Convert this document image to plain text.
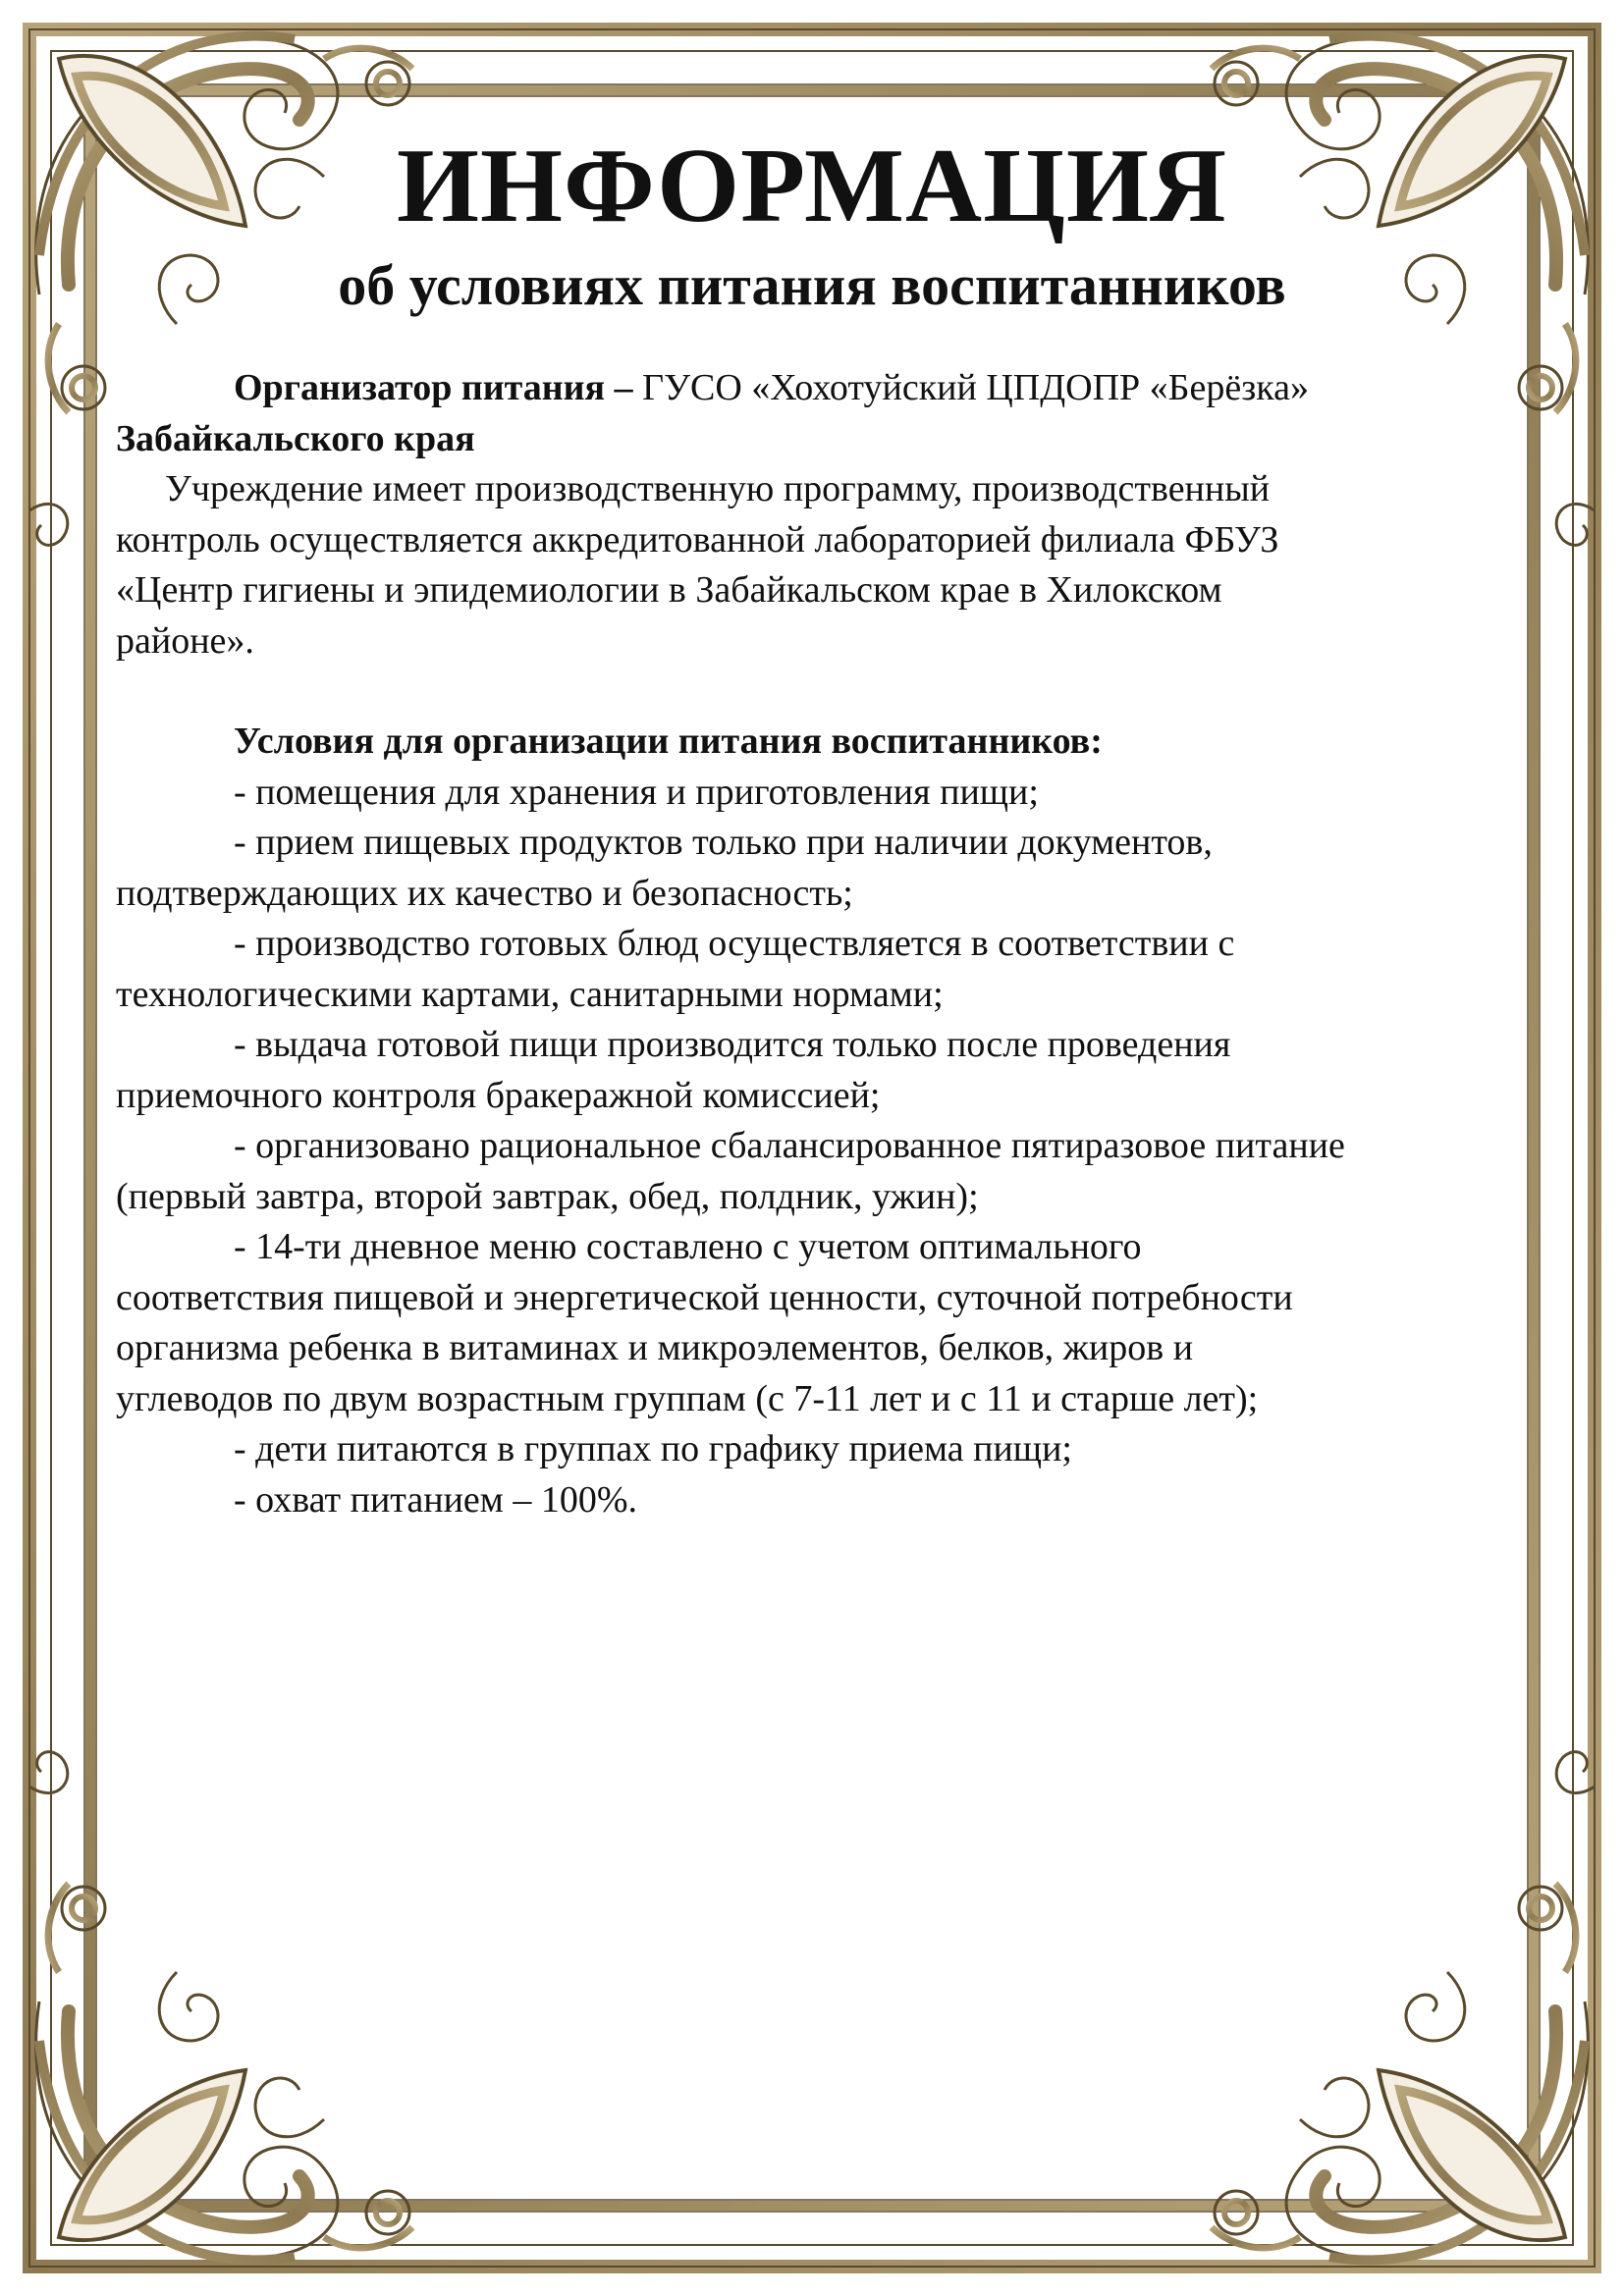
ИНФОРМАЦИЯ
об условиях питания воспитанников

Организатор питания – ГУСО «Хохотуйский ЦПДОПР «Берёзка»

Забайкальского края

Учреждение имеет производственную программу, производственный

контроль осуществляется аккредитованной лабораторией филиала ФБУЗ

«Центр гигиены и эпидемиологии в Забайкальском крае в Хилокском

районе».

Условия для организации питания воспитанников:

- помещения для хранения и приготовления пищи;

- прием пищевых продуктов только при наличии документов,

подтверждающих их качество и безопасность;

- производство готовых блюд осуществляется в соответствии с

технологическими картами, санитарными нормами;

- выдача готовой пищи производится только после проведения

приемочного контроля бракеражной комиссией;

- организовано рациональное сбалансированное пятиразовое питание

(первый завтра, второй завтрак, обед, полдник, ужин);

- 14-ти дневное меню составлено с учетом оптимального

соответствия пищевой и энергетической ценности, суточной потребности

организма ребенка в витаминах и микроэлементов, белков, жиров и

углеводов по двум возрастным группам (с 7-11 лет и с 11 и старше лет);

- дети питаются в группах по графику приема пищи;

- охват питанием – 100%.
